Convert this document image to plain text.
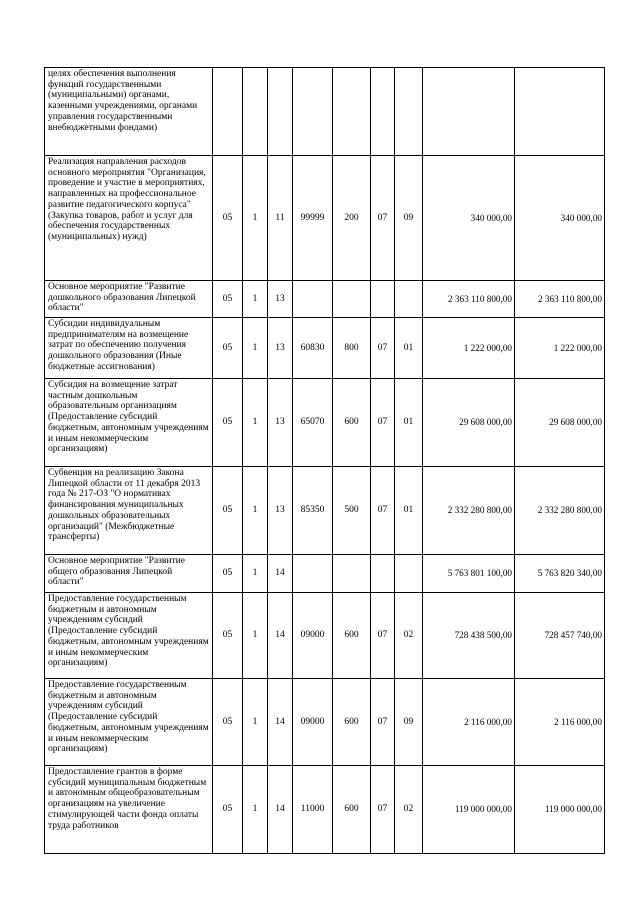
целях обеспечения выполнения функций государственными (муниципальными) органами, казенными учреждениями, органами управления государственными внебюджетными фондами)									
Реализация направления расходов основного мероприятия "Организация, проведение и участие в мероприятиях, направленных на профессиональное развитие педагогического корпуса" (Закупка товаров, работ и услуг для обеспечения государственных (муниципальных) нужд)	05	1	11	99999	200	07	09	340 000,00	340 000,00
Основное мероприятие "Развитие дошкольного образования Липецкой области"	05	1	13					2 363 110 800,00	2 363 110 800,00
Субсидии индивидуальным предпринимателям на возмещение затрат по обеспечению получения дошкольного образования (Иные бюджетные ассигнования)	05	1	13	60830	800	07	01	1 222 000,00	1 222 000,00
Субсидия на возмещение затрат частным дошкольным образовательным организациям (Предоставление субсидий бюджетным, автономным учреждениям и иным некоммерческим организациям)	05	1	13	65070	600	07	01	29 608 000,00	29 608 000,00
Субвенция на реализацию Закона Липецкой области от 11 декабря 2013 года № 217-ОЗ "О нормативах финансирования муниципальных дошкольных образовательных организаций" (Межбюджетные трансферты)	05	1	13	85350	500	07	01	2 332 280 800,00	2 332 280 800,00
Основное мероприятие "Развитие общего образования Липецкой области"	05	1	14					5 763 801 100,00	5 763 820 340,00
Предоставление государственным бюджетным и автономным учреждениям субсидий (Предоставление субсидий бюджетным, автономным учреждениям и иным некоммерческим организациям)	05	1	14	09000	600	07	02	728 438 500,00	728 457 740,00
Предоставление государственным бюджетным и автономным учреждениям субсидий (Предоставление субсидий бюджетным, автономным учреждениям и иным некоммерческим организациям)	05	1	14	09000	600	07	09	2 116 000,00	2 116 000,00
Предоставление грантов в форме субсидий муниципальным бюджетным и автономным общеобразовательным организациям на увеличение стимулирующей части фонда оплаты труда работников	05	1	14	11000	600	07	02	119 000 000,00	119 000 000,00
